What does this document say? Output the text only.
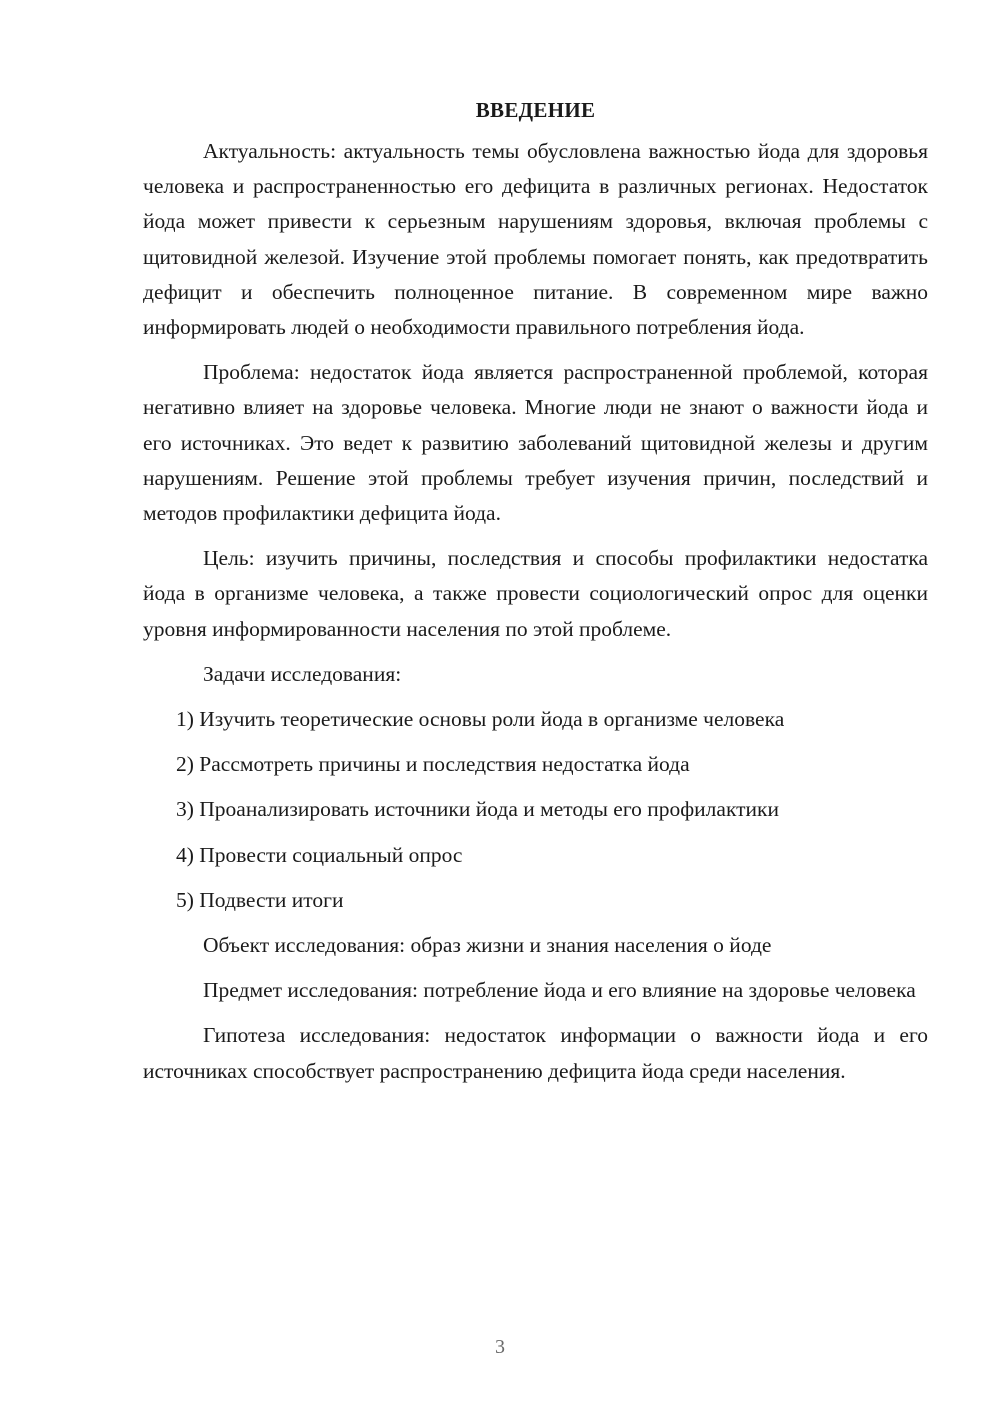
ВВЕДЕНИЕ

Актуальность: актуальность темы обусловлена важностью йода для здоровья человека и распространенностью его дефицита в различных регионах. Недостаток йода может привести к серьезным нарушениям здоровья, включая проблемы с щитовидной железой. Изучение этой проблемы помогает понять, как предотвратить дефицит и обеспечить полноценное питание. В современном мире важно информировать людей о необходимости правильного потребления йода.

Проблема: недостаток йода является распространенной проблемой, которая негативно влияет на здоровье человека. Многие люди не знают о важности йода и его источниках. Это ведет к развитию заболеваний щитовидной железы и другим нарушениям. Решение этой проблемы требует изучения причин, последствий и методов профилактики дефицита йода.

Цель: изучить причины, последствия и способы профилактики недостатка йода в организме человека, а также провести социологический опрос для оценки уровня информированности населения по этой проблеме.

Задачи исследования:

1) Изучить теоретические основы роли йода в организме человека
2) Рассмотреть причины и последствия недостатка йода
3) Проанализировать источники йода и методы его профилактики
4) Провести социальный опрос
5) Подвести итоги

Объект исследования: образ жизни и знания населения о йоде

Предмет исследования: потребление йода и его влияние на здоровье человека

Гипотеза исследования: недостаток информации о важности йода и его источниках способствует распространению дефицита йода среди населения.

3
